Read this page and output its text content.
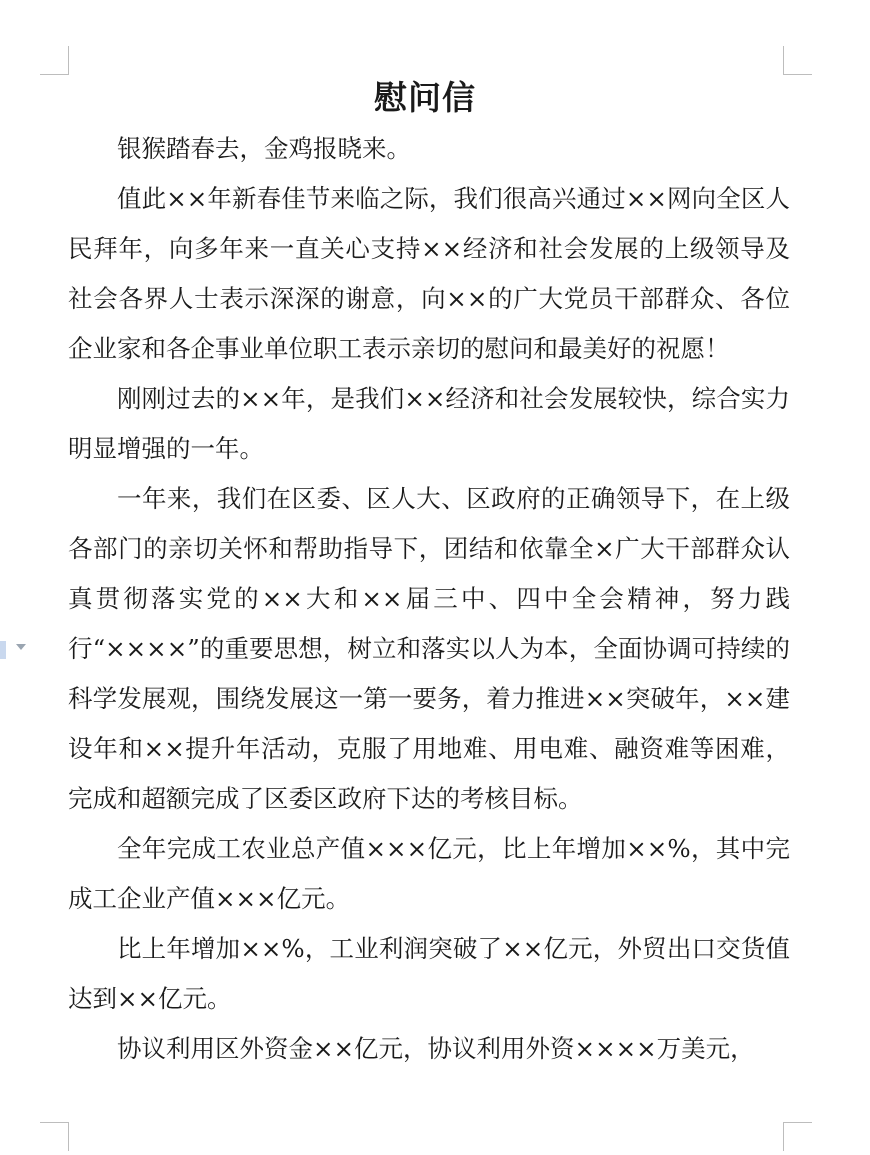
慰问信

银猴踏春去，金鸡报晓来。

值此××年新春佳节来临之际，我们很高兴通过××网向全区人民拜年，向多年来一直关心支持××经济和社会发展的上级领导及社会各界人士表示深深的谢意，向××的广大党员干部群众、各位企业家和各企事业单位职工表示亲切的慰问和最美好的祝愿！

刚刚过去的××年，是我们××经济和社会发展较快，综合实力明显增强的一年。

一年来，我们在区委、区人大、区政府的正确领导下，在上级各部门的亲切关怀和帮助指导下，团结和依靠全×广大干部群众认真贯彻落实党的××大和××届三中、四中全会精神，努力践行“××××”的重要思想，树立和落实以人为本，全面协调可持续的科学发展观，围绕发展这一第一要务，着力推进××突破年，××建设年和××提升年活动，克服了用地难、用电难、融资难等困难，完成和超额完成了区委区政府下达的考核目标。

全年完成工农业总产值×××亿元，比上年增加××%，其中完成工企业产值×××亿元。

比上年增加××%，工业利润突破了××亿元，外贸出口交货值达到××亿元。

协议利用区外资金××亿元，协议利用外资××××万美元，
